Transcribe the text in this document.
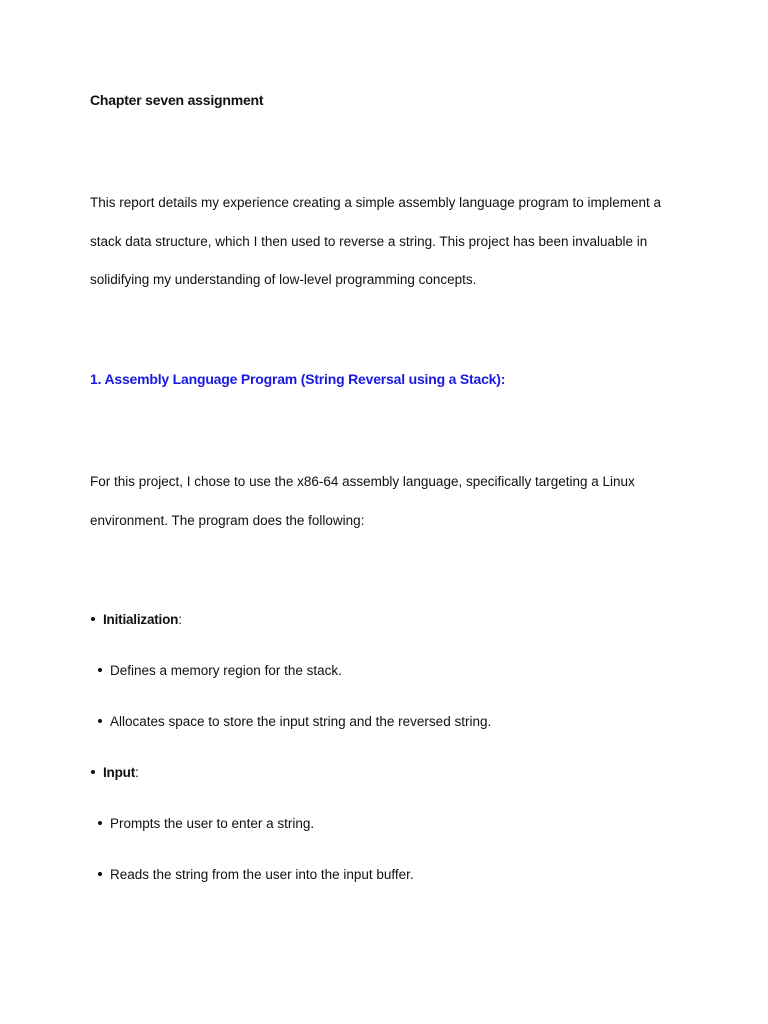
Chapter seven assignment

This report details my experience creating a simple assembly language program to implement a stack data structure, which I then used to reverse a string. This project has been invaluable in solidifying my understanding of low-level programming concepts.

1. Assembly Language Program (String Reversal using a Stack):

For this project, I chose to use the x86-64 assembly language, specifically targeting a Linux environment. The program does the following:

Initialization:

Defines a memory region for the stack.

Allocates space to store the input string and the reversed string.

Input:

Prompts the user to enter a string.

Reads the string from the user into the input buffer.
